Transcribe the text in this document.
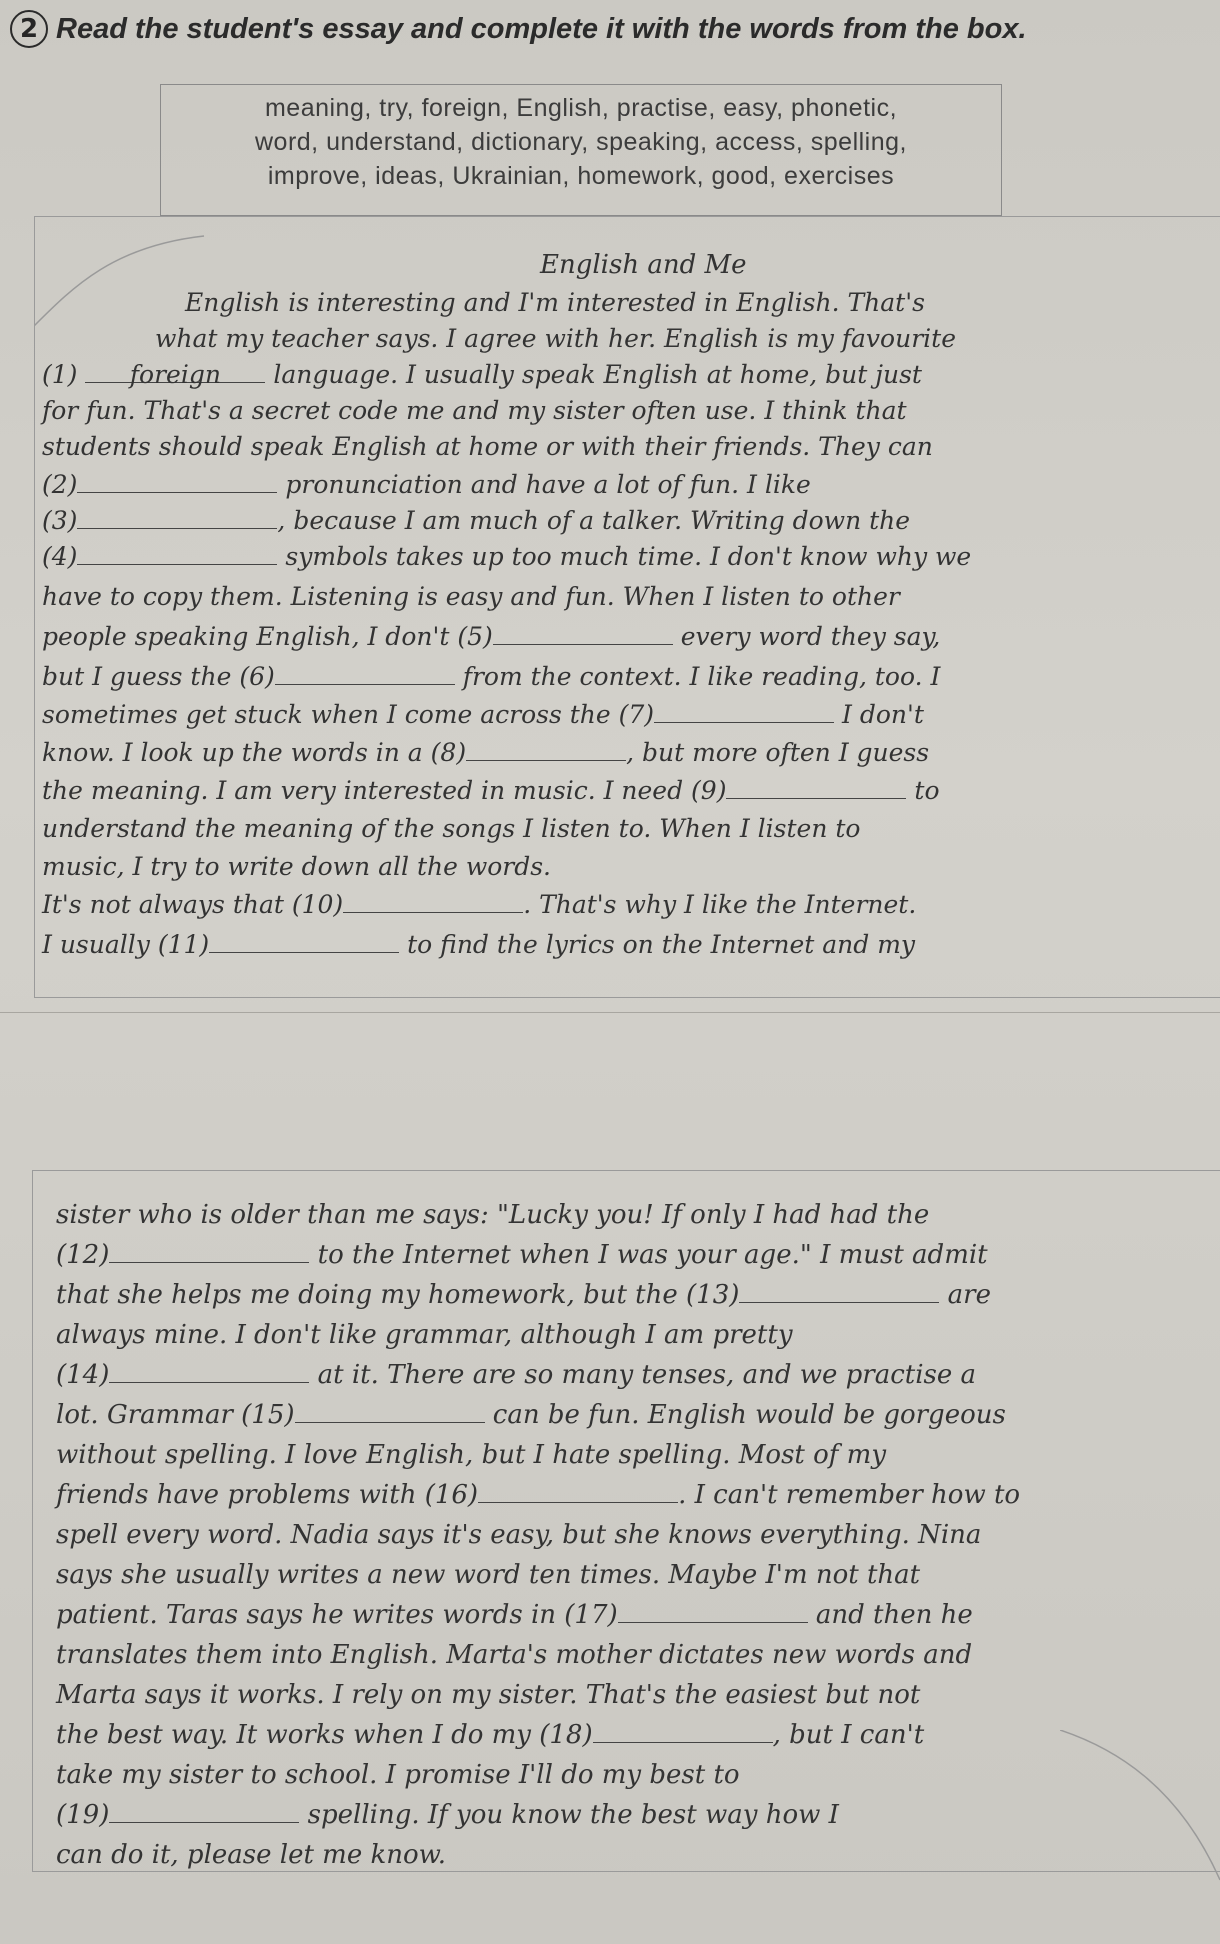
2 Read the student's essay and complete it with the words from the box.
meaning, try, foreign, English, practise, easy, phonetic,
word, understand, dictionary, speaking, access, spelling,
improve, ideas, Ukrainian, homework, good, exercises
English and Me
English is interesting and I'm interested in English. That's
what my teacher says. I agree with her. English is my favourite
(1) foreign language. I usually speak English at home, but just
for fun. That's a secret code me and my sister often use. I think that
students should speak English at home or with their friends. They can
(2)	pronunciation and have a lot of fun. I like
(3)	, because I am much of a talker. Writing down the
(4)	symbols takes up too much time. I don't know why we
have to copy them. Listening is easy and fun. When I listen to other
people speaking English, I don't (5)	every word they say,
but I guess the (6)	from the context. I like reading, too. I
sometimes get stuck when I come across the (7)	I don't
know. I look up the words in a (8)	, but more often I guess
the meaning. I am very interested in music. I need (9)	to
understand the meaning of the songs I listen to. When I listen to
music, I try to write down all the words.
It's not always that (10)	. That's why I like the Internet.
I usually (11)	to find the lyrics on the Internet and my
sister who is older than me says: "Lucky you! If only I had had the
(12)	to the Internet when I was your age." I must admit
that she helps me doing my homework, but the (13)	are
always mine. I don't like grammar, although I am pretty
(14)	at it. There are so many tenses, and we practise a
lot. Grammar (15)	can be fun. English would be gorgeous
without spelling. I love English, but I hate spelling. Most of my
friends have problems with (16)	. I can't remember how to
spell every word. Nadia says it's easy, but she knows everything. Nina
says she usually writes a new word ten times. Maybe I'm not that
patient. Taras says he writes words in (17)	and then he
translates them into English. Marta's mother dictates new words and
Marta says it works. I rely on my sister. That's the easiest but not
the best way. It works when I do my (18)	, but I can't
take my sister to school. I promise I'll do my best to
(19)	spelling. If you know the best way how I
can do it, please let me know.
